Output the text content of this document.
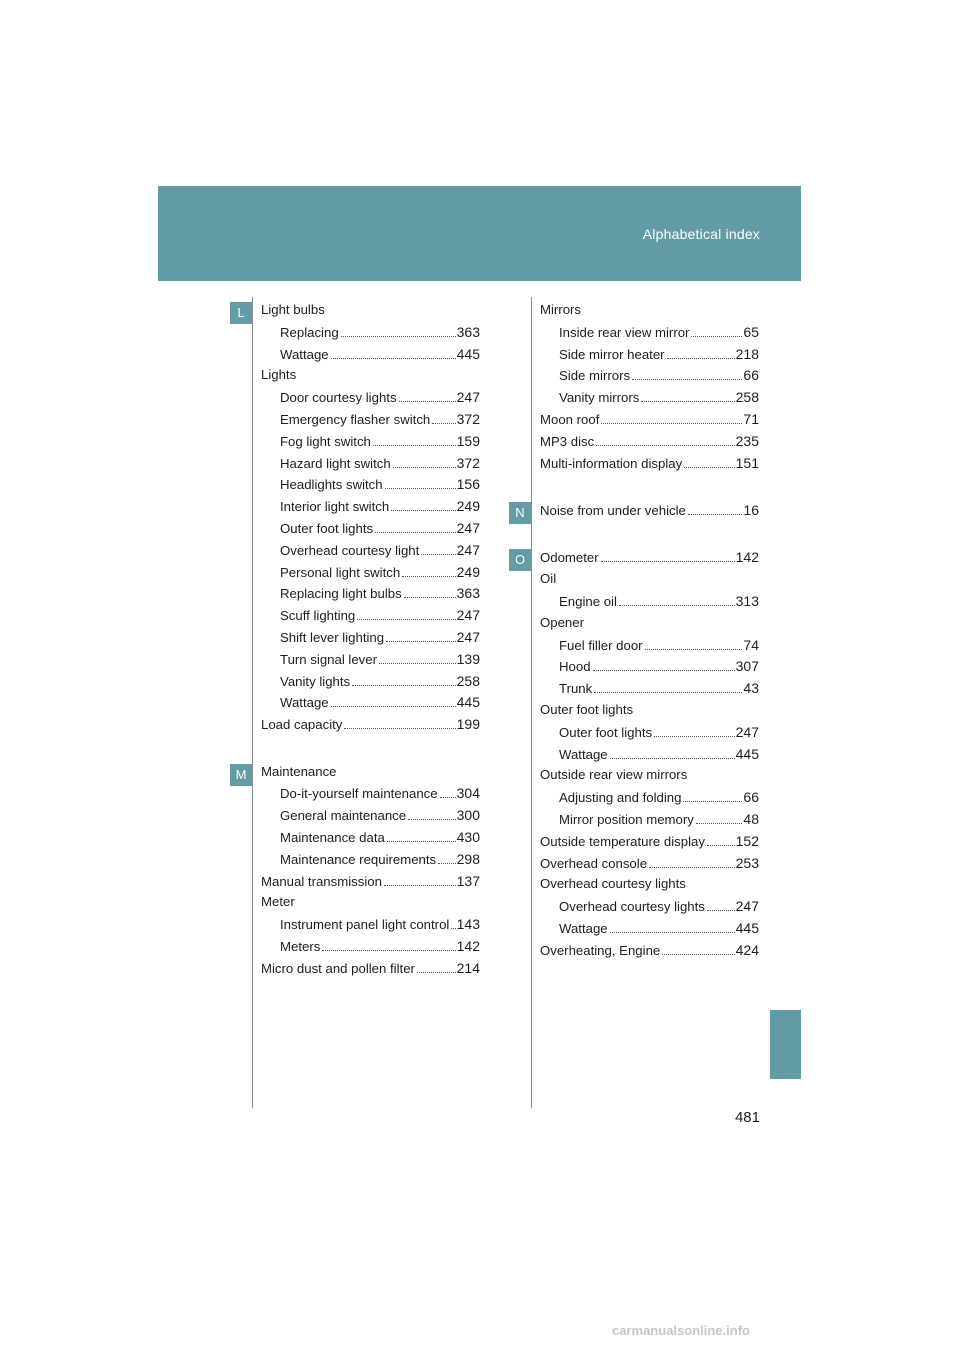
Alphabetical index
L
M
N
O
Light bulbs
Replacing	363
Wattage	445
Lights
Door courtesy lights	247
Emergency flasher switch 372
Fog light switch	159
Hazard light switch	372
Headlights switch	156
Interior light switch	249
Outer foot lights	247
Overhead courtesy light	247
Personal light switch	249
Replacing light bulbs	363
Scuff lighting	247
Shift lever lighting	247
Turn signal lever	139
Vanity lights	258
Wattage	445
Load capacity	199
Maintenance
Do-it-yourself maintenance 304
General maintenance	300
Maintenance data	430
Maintenance requirements 298
Manual transmission	137
Meter
Instrument panel light control 143
Meters	142
Micro dust and pollen filter	214
Mirrors
Inside rear view mirror	65
Side mirror heater	218
Side mirrors	66
Vanity mirrors	258
Moon roof	71
MP3 disc	235
Multi-information display	151
Noise from under vehicle	16
Odometer	142
Oil
Engine oil	313
Opener
Fuel filler door	74
Hood	307
Trunk	43
Outer foot lights
Outer foot lights	247
Wattage	445
Outside rear view mirrors
Adjusting and folding	66
Mirror position memory	48
Outside temperature display 152
Overhead console	253
Overhead courtesy lights
Overhead courtesy lights 247
Wattage	445
Overheating, Engine	424
481
carmanualsonline.info
